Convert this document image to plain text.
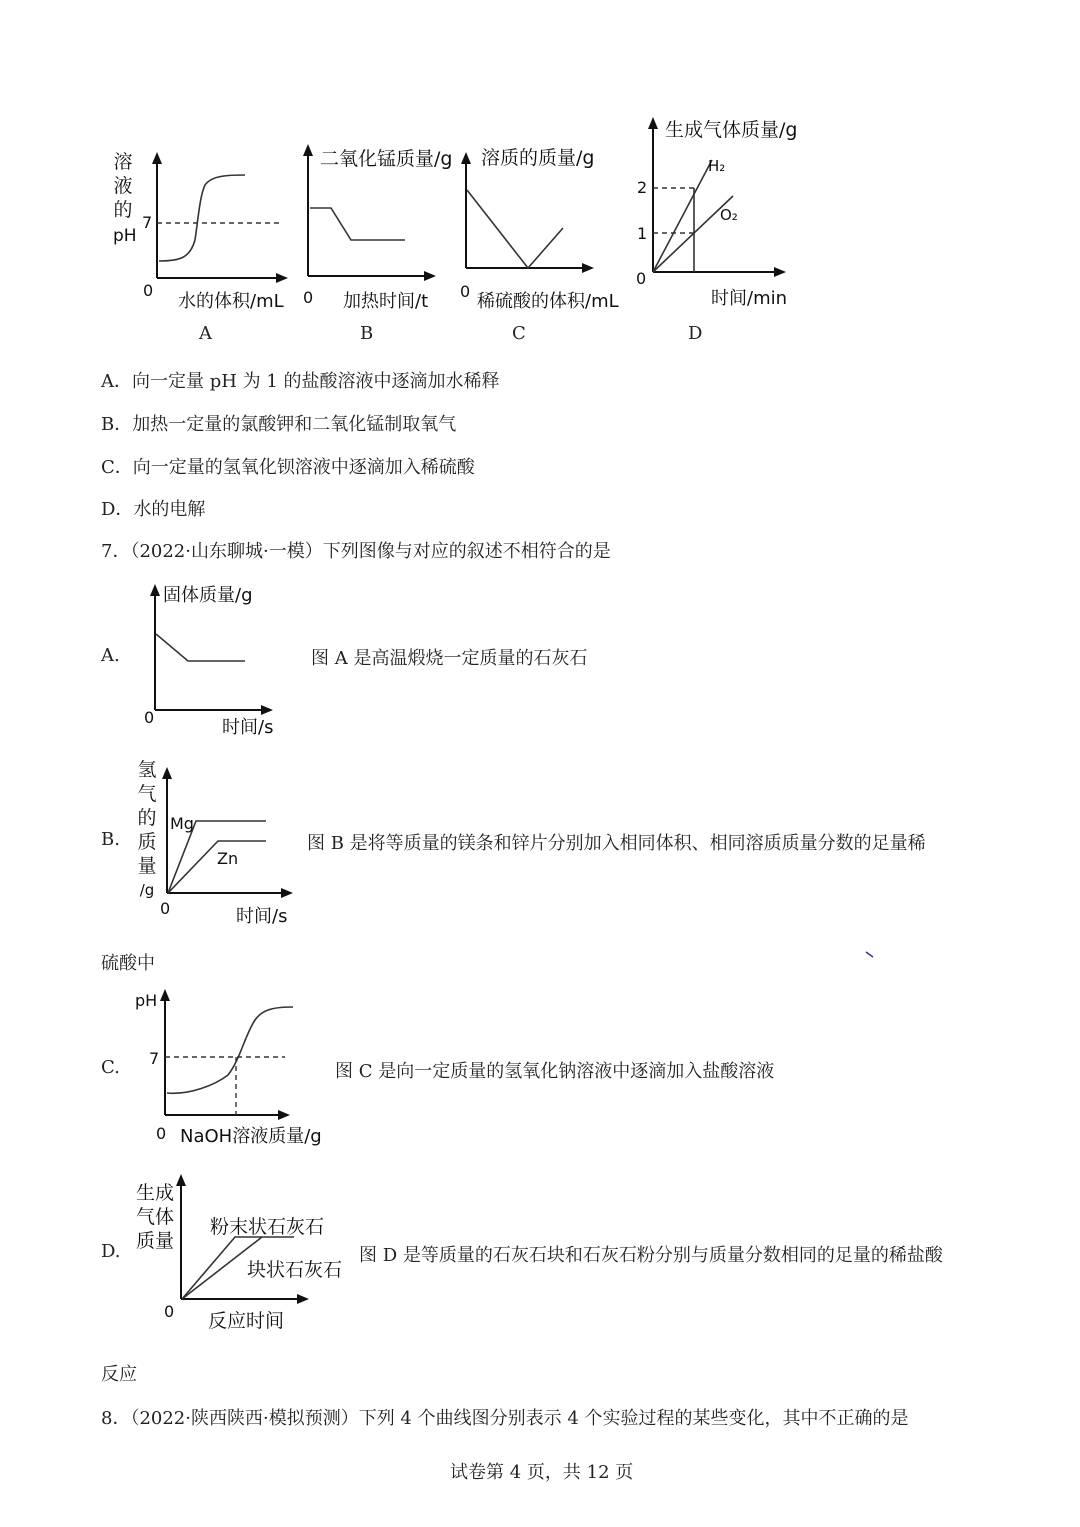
溶
液
的
pH
7
0
水的体积/mL
A
二氧化锰质量/g
0 加热时间/t
B
溶质的质量/g
0 稀硫酸的体积/mL
C
生成气体质量/g
2
1
0
H₂
O₂
时间/min
D
A．向一定量 pH 为 1 的盐酸溶液中逐滴加水稀释
B．加热一定量的氯酸钾和二氧化锰制取氧气
C．向一定量的氢氧化钡溶液中逐滴加入稀硫酸
D．水的电解
7．（2022·山东聊城·一模）下列图像与对应的叙述不相符合的是
A.
固体质量/g
0	时间/s
图 A 是高温煅烧一定质量的石灰石
B.
氢
气
的
质
量
/g
Mg
Zn
0	时间/s
图 B 是将等质量的镁条和锌片分别加入相同体积、相同溶质质量分数的足量稀
硫酸中
C.
pH
7
0 NaOH溶液质量/g
图 C 是向一定质量的氢氧化钠溶液中逐滴加入盐酸溶液
D.
生成
气体
质量
粉末状石灰石
块状石灰石
0 反应时间
图 D 是等质量的石灰石块和石灰石粉分别与质量分数相同的足量的稀盐酸
反应
8．（2022·陕西陕西·模拟预测）下列 4 个曲线图分别表示 4 个实验过程的某些变化，其中不正确的是
试卷第 4 页，共 12 页
